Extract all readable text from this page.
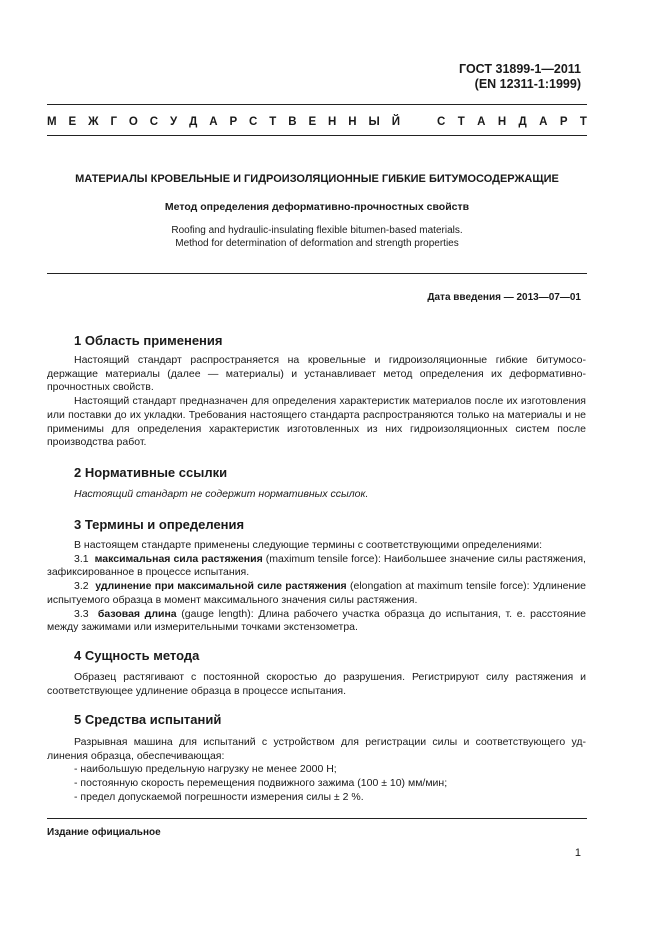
ГОСТ 31899-1—2011
(EN 12311-1:1999)
М Е Ж Г О С У Д А Р С Т В Е Н Н Ы Й	С Т А Н Д А Р Т
МАТЕРИАЛЫ КРОВЕЛЬНЫЕ И ГИДРОИЗОЛЯЦИОННЫЕ ГИБКИЕ БИТУМОСОДЕРЖАЩИЕ
Метод определения деформативно-прочностных свойств
Roofing and hydraulic-insulating flexible bitumen-based materials.
Method for determination of deformation and strength properties
Дата введения — 2013—07—01
1 Область применения

Настоящий стандарт распространяется на кровельные и гидроизоляционные гибкие битумосодержащие материалы (далее — материалы) и устанавливает метод определения их деформативно-прочностных свойств.

Настоящий стандарт предназначен для определения характеристик материалов после их изготовления или поставки до их укладки. Требования настоящего стандарта распространяются только на материалы и не применимы для определения характеристик изготовленных из них гидроизоляционных систем после производства работ.

2 Нормативные ссылки

Настоящий стандарт не содержит нормативных ссылок.

3 Термины и определения

В настоящем стандарте применены следующие термины с соответствующими определениями:

3.1 максимальная сила растяжения (maximum tensile force): Наибольшее значение силы растяжения, зафиксированное в процессе испытания.

3.2 удлинение при максимальной силе растяжения (elongation at maximum tensile force): Удлинение испытуемого образца в момент максимального значения силы растяжения.

3.3 базовая длина (gauge length): Длина рабочего участка образца до испытания, т. е. расстояние между зажимами или измерительными точками экстензометра.

4 Сущность метода

Образец растягивают с постоянной скоростью до разрушения. Регистрируют силу растяжения и соответствующее удлинение образца в процессе испытания.

5 Средства испытаний

Разрывная машина для испытаний с устройством для регистрации силы и соответствующего удлинения образца, обеспечивающая:

- наибольшую предельную нагрузку не менее 2000 Н;
- постоянную скорость перемещения подвижного зажима (100 ± 10) мм/мин;
- предел допускаемой погрешности измерения силы ± 2 %.
Издание официальное
1
